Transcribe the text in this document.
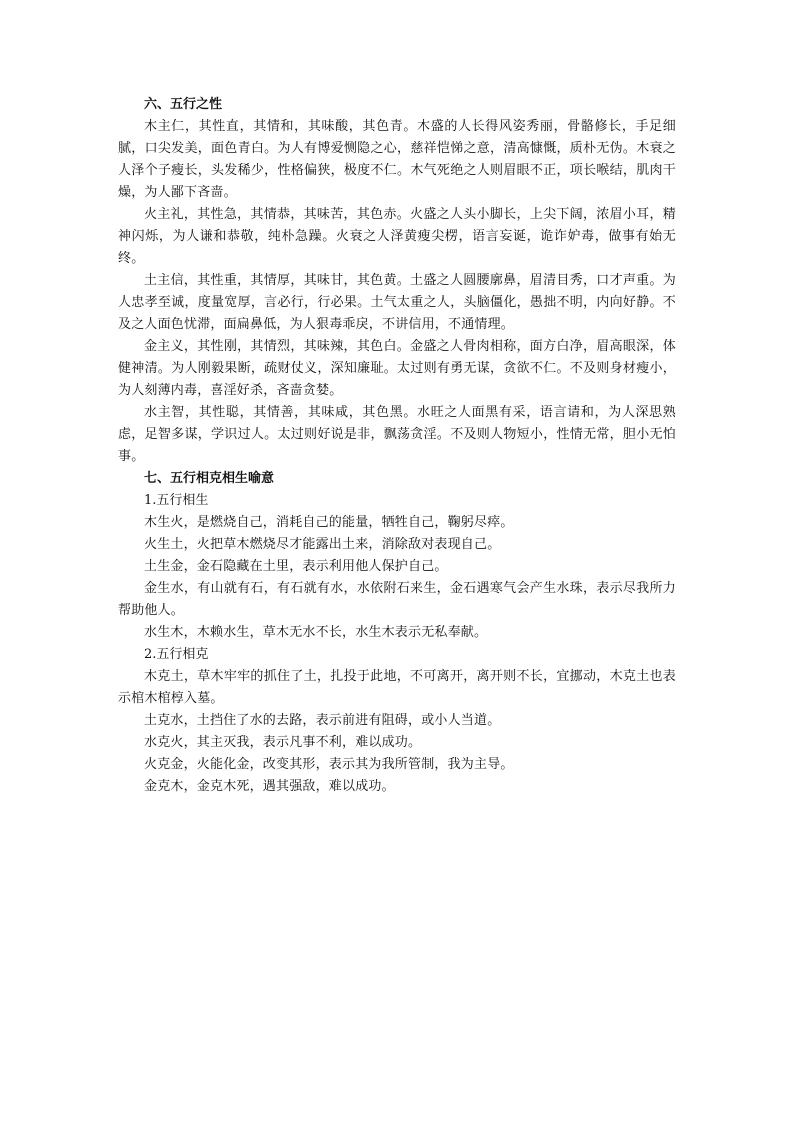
六、五行之性

木主仁，其性直，其情和，其味酸，其色青。木盛的人长得风姿秀丽，骨骼修长，手足细腻，口尖发美，面色青白。为人有博爱恻隐之心，慈祥恺悌之意，清高慷慨，质朴无伪。木衰之人泽个子瘦长，头发稀少，性格偏狭，极度不仁。木气死绝之人则眉眼不正，项长喉结，肌肉干燥，为人鄙下吝啬。

火主礼，其性急，其情恭，其味苦，其色赤。火盛之人头小脚长，上尖下阔，浓眉小耳，精神闪烁，为人谦和恭敬，纯朴急躁。火衰之人泽黄瘦尖楞，语言妄诞，诡诈妒毒，做事有始无终。

土主信，其性重，其情厚，其味甘，其色黄。土盛之人圆腰廓鼻，眉清目秀，口才声重。为人忠孝至诚，度量宽厚，言必行，行必果。土气太重之人，头脑僵化，愚拙不明，内向好静。不及之人面色忧滞，面扁鼻低，为人狠毒乖戾，不讲信用，不通情理。

金主义，其性刚，其情烈，其味辣，其色白。金盛之人骨肉相称，面方白净，眉高眼深，体健神清。为人刚毅果断，疏财仗义，深知廉耻。太过则有勇无谋，贪欲不仁。不及则身材瘦小，为人刻薄内毒，喜淫好杀，吝啬贪婪。

水主智，其性聪，其情善，其味咸，其色黑。水旺之人面黑有采，语言请和，为人深思熟虑，足智多谋，学识过人。太过则好说是非，飘荡贪淫。不及则人物短小，性情无常，胆小无怕事。

七、五行相克相生喻意

1.五行相生

木生火，是燃烧自己，消耗自己的能量，牺牲自己，鞠躬尽瘁。

火生土，火把草木燃烧尽才能露出土来，消除敌对表现自己。

土生金，金石隐藏在土里，表示利用他人保护自己。

金生水，有山就有石，有石就有水，水依附石来生，金石遇寒气会产生水珠，表示尽我所力帮助他人。

水生木，木赖水生，草木无水不长，水生木表示无私奉献。

2.五行相克

木克土，草木牢牢的抓住了土，扎投于此地，不可离开，离开则不长，宜挪动，木克土也表示棺木棺椁入墓。

土克水，土挡住了水的去路，表示前进有阻碍，或小人当道。

水克火，其主灭我，表示凡事不利，难以成功。

火克金，火能化金，改变其形，表示其为我所管制，我为主导。

金克木，金克木死，遇其强敌，难以成功。
